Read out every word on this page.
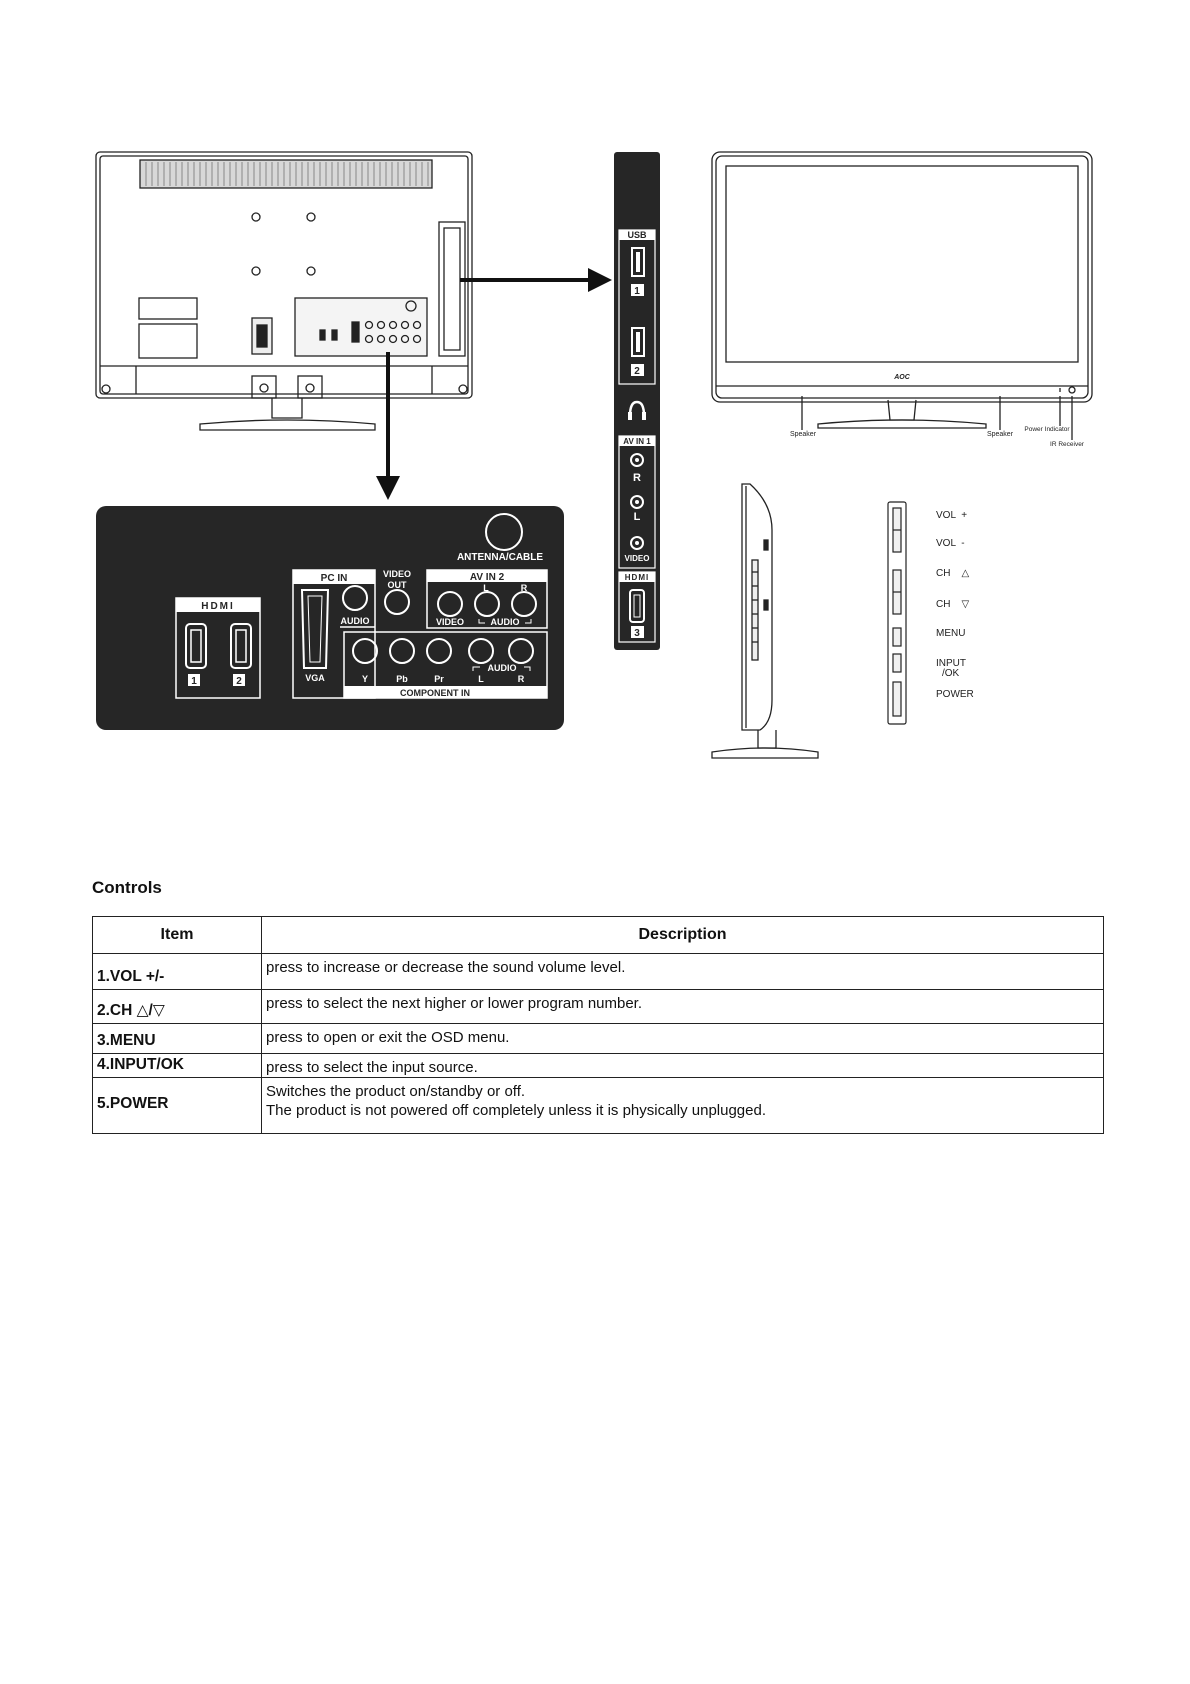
ANTENNA/CABLE
HDMI
1	2
PC IN
VGA
AUDIO
VIDEO
OUT
AV IN 2
L	R
VIDEO	AUDIO
COMPONENT IN
AUDIO
Y	Pb	Pr	L	R
USB
1
2
AV IN 1
R
L
VIDEO
HDMI
3
AOC
Speaker	Speaker
Power Indicator
IR Receiver
VOL  +
VOL  -
CH    △
CH    ▽
MENU
INPUT
/OK
POWER
Controls
Item	Description
1.VOL +/-	press to increase or decrease the sound volume level.
2.CH △/▽	press to select the next higher or lower program number.
3.MENU	press to open or exit the OSD menu.
4.INPUT/OK	press to select the input source.
5.POWER	Switches the product on/standby or off.
The product is not powered off completely unless it is physically unplugged.
